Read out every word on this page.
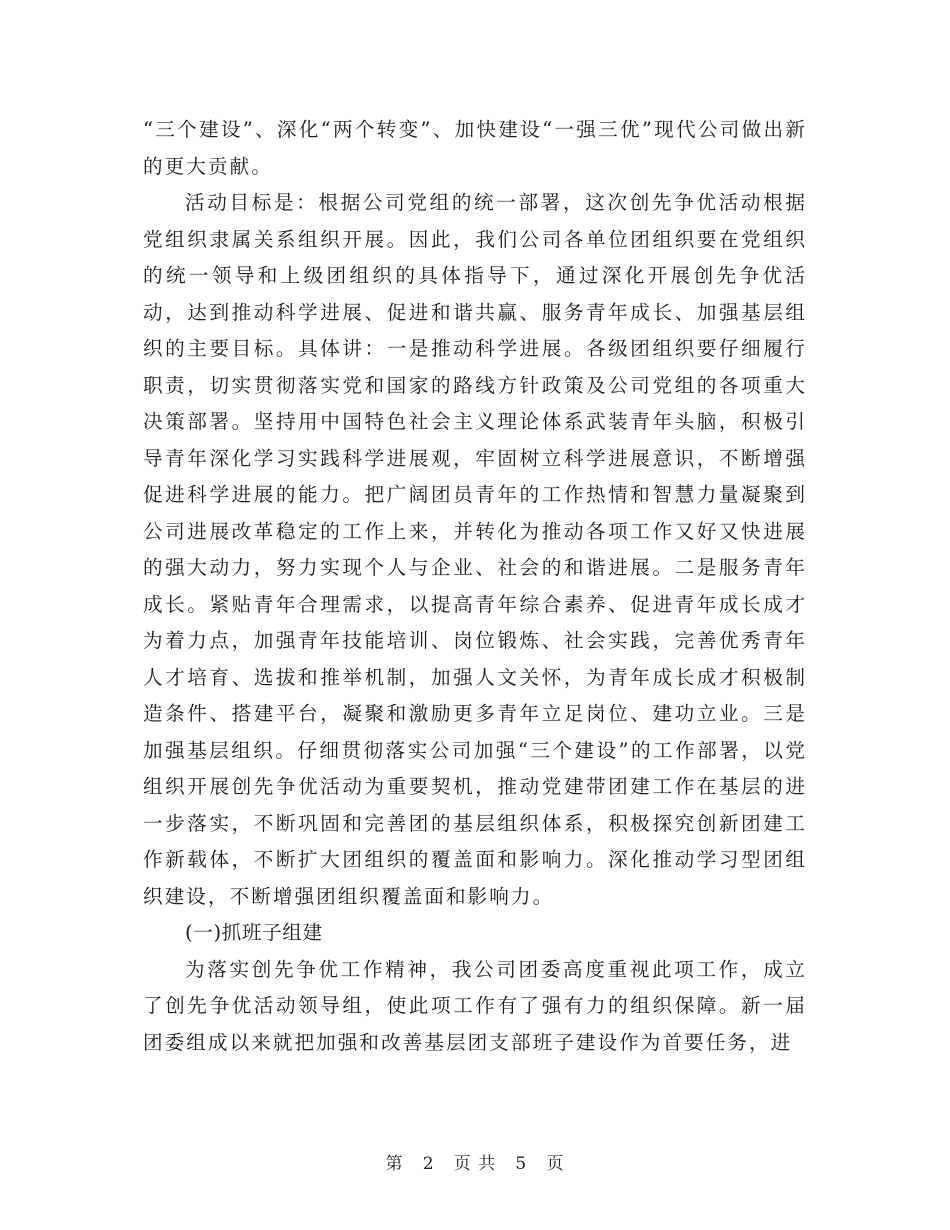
“三个建设”、深化“两个转变”、加快建设“一强三优”现代公司做出新的更大贡献。

活动目标是：根据公司党组的统一部署，这次创先争优活动根据党组织隶属关系组织开展。因此，我们公司各单位团组织要在党组织的统一领导和上级团组织的具体指导下，通过深化开展创先争优活动，达到推动科学进展、促进和谐共赢、服务青年成长、加强基层组织的主要目标。具体讲：一是推动科学进展。各级团组织要仔细履行职责，切实贯彻落实党和国家的路线方针政策及公司党组的各项重大决策部署。坚持用中国特色社会主义理论体系武装青年头脑，积极引导青年深化学习实践科学进展观，牢固树立科学进展意识，不断增强促进科学进展的能力。把广阔团员青年的工作热情和智慧力量凝聚到公司进展改革稳定的工作上来，并转化为推动各项工作又好又快进展的强大动力，努力实现个人与企业、社会的和谐进展。二是服务青年成长。紧贴青年合理需求，以提高青年综合素养、促进青年成长成才为着力点，加强青年技能培训、岗位锻炼、社会实践，完善优秀青年人才培育、选拔和推举机制，加强人文关怀，为青年成长成才积极制造条件、搭建平台，凝聚和激励更多青年立足岗位、建功立业。三是加强基层组织。仔细贯彻落实公司加强“三个建设”的工作部署，以党组织开展创先争优活动为重要契机，推动党建带团建工作在基层的进一步落实，不断巩固和完善团的基层组织体系，积极探究创新团建工作新载体，不断扩大团组织的覆盖面和影响力。深化推动学习型团组织建设，不断增强团组织覆盖面和影响力。

(一)抓班子组建

为落实创先争优工作精神，我公司团委高度重视此项工作，成立了创先争优活动领导组，使此项工作有了强有力的组织保障。新一届团委组成以来就把加强和改善基层团支部班子建设作为首要任务，进

第 2 页 共 5 页
